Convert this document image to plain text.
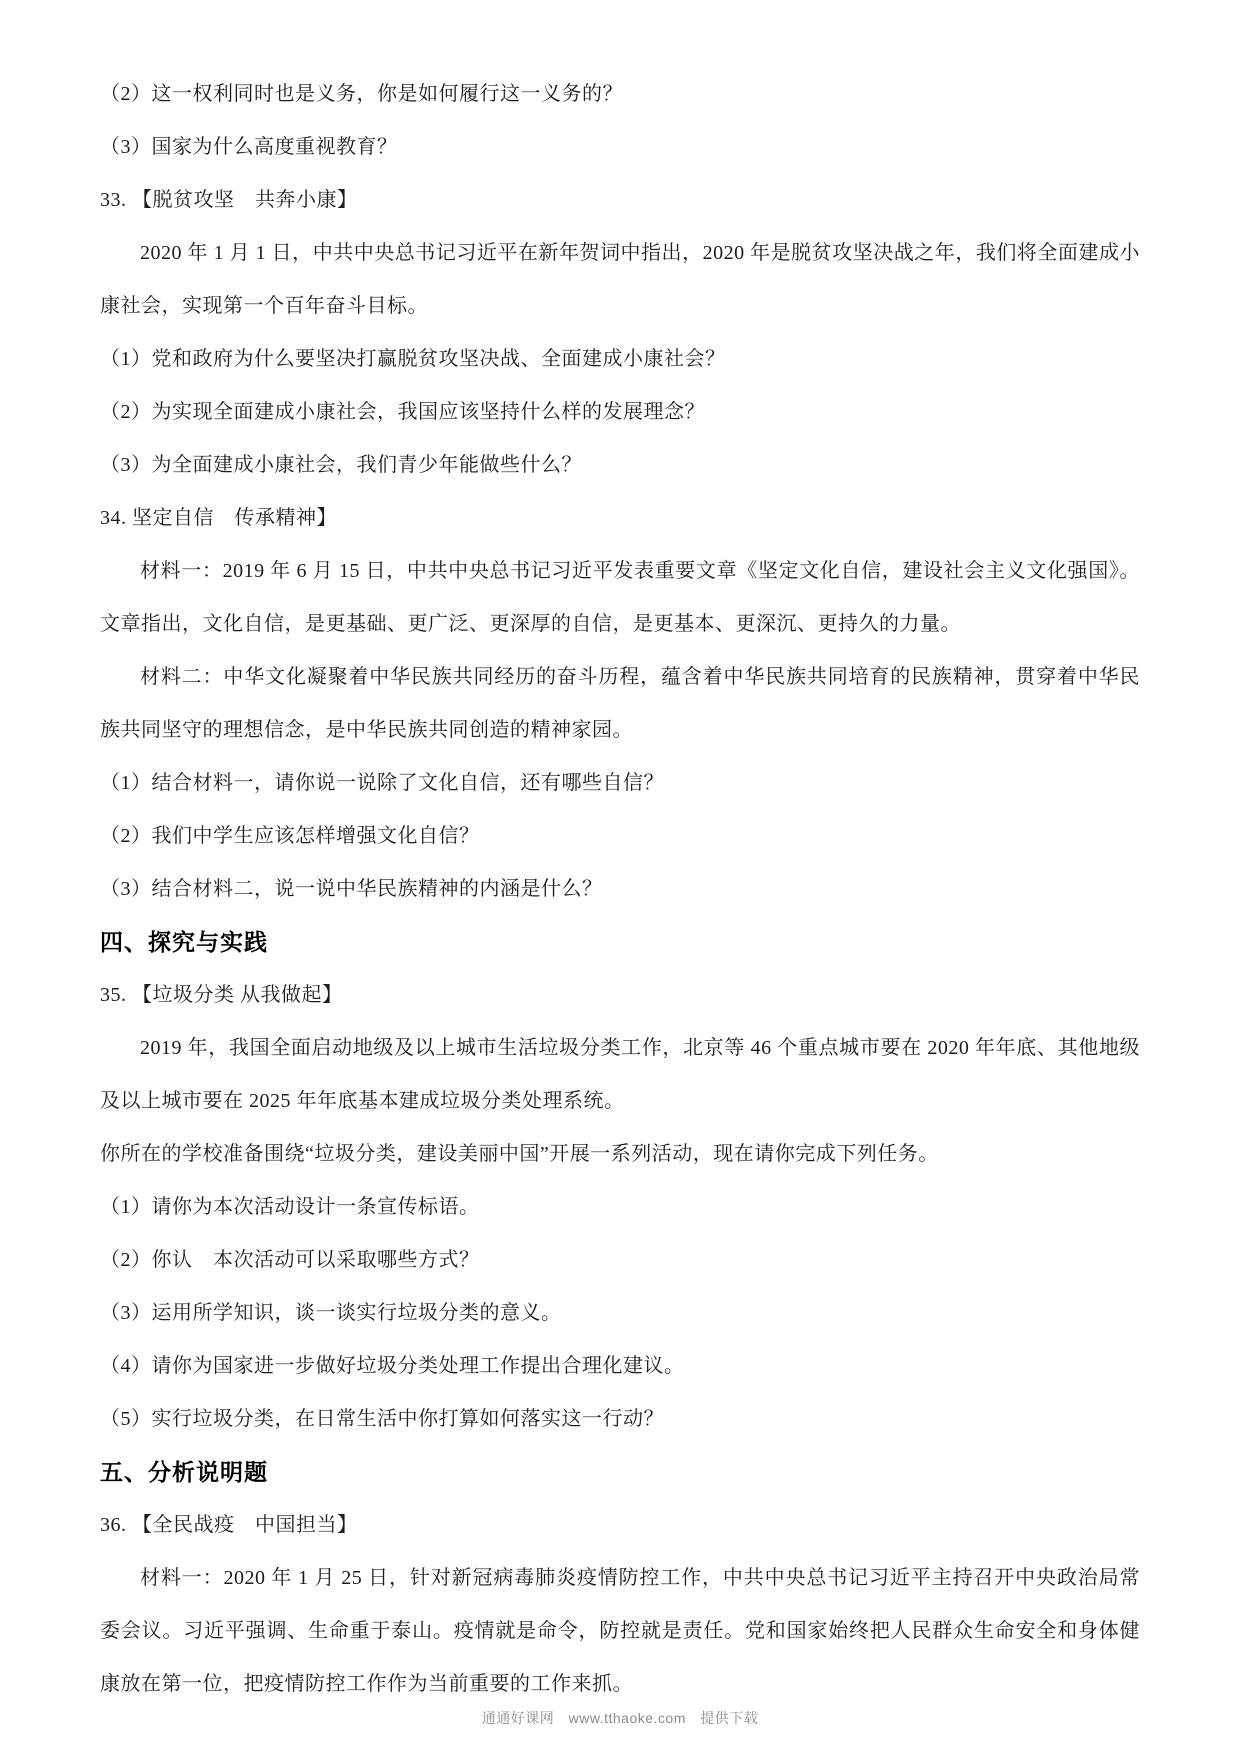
（2）这一权利同时也是义务，你是如何履行这一义务的？

（3）国家为什么高度重视教育？

33. 【脱贫攻坚　共奔小康】

2020 年 1 月 1 日，中共中央总书记习近平在新年贺词中指出，2020 年是脱贫攻坚决战之年，我们将全面建成小康社会，实现第一个百年奋斗目标。

（1）党和政府为什么要坚决打赢脱贫攻坚决战、全面建成小康社会？

（2）为实现全面建成小康社会，我国应该坚持什么样的发展理念？

（3）为全面建成小康社会，我们青少年能做些什么？

34. 坚定自信　传承精神】

材料一：2019 年 6 月 15 日，中共中央总书记习近平发表重要文章《坚定文化自信，建设社会主义文化强国》。文章指出，文化自信，是更基础、更广泛、更深厚的自信，是更基本、更深沉、更持久的力量。

材料二：中华文化凝聚着中华民族共同经历的奋斗历程，蕴含着中华民族共同培育的民族精神，贯穿着中华民族共同坚守的理想信念，是中华民族共同创造的精神家园。

（1）结合材料一，请你说一说除了文化自信，还有哪些自信？

（2）我们中学生应该怎样增强文化自信？

（3）结合材料二，说一说中华民族精神的内涵是什么？

四、探究与实践

35. 【垃圾分类 从我做起】

2019 年，我国全面启动地级及以上城市生活垃圾分类工作，北京等 46 个重点城市要在 2020 年年底、其他地级及以上城市要在 2025 年年底基本建成垃圾分类处理系统。

你所在的学校准备围绕“垃圾分类，建设美丽中国”开展一系列活动，现在请你完成下列任务。

（1）请你为本次活动设计一条宣传标语。

（2）你认　本次活动可以采取哪些方式？

（3）运用所学知识，谈一谈实行垃圾分类的意义。

（4）请你为国家进一步做好垃圾分类处理工作提出合理化建议。

（5）实行垃圾分类，在日常生活中你打算如何落实这一行动？

五、分析说明题

36. 【全民战疫　中国担当】

材料一：2020 年 1 月 25 日，针对新冠病毒肺炎疫情防控工作，中共中央总书记习近平主持召开中央政治局常委会议。习近平强调、生命重于泰山。疫情就是命令，防控就是责任。党和国家始终把人民群众生命安全和身体健康放在第一位，把疫情防控工作作为当前重要的工作来抓。

通通好课网 www.tthaoke.com 提供下载
